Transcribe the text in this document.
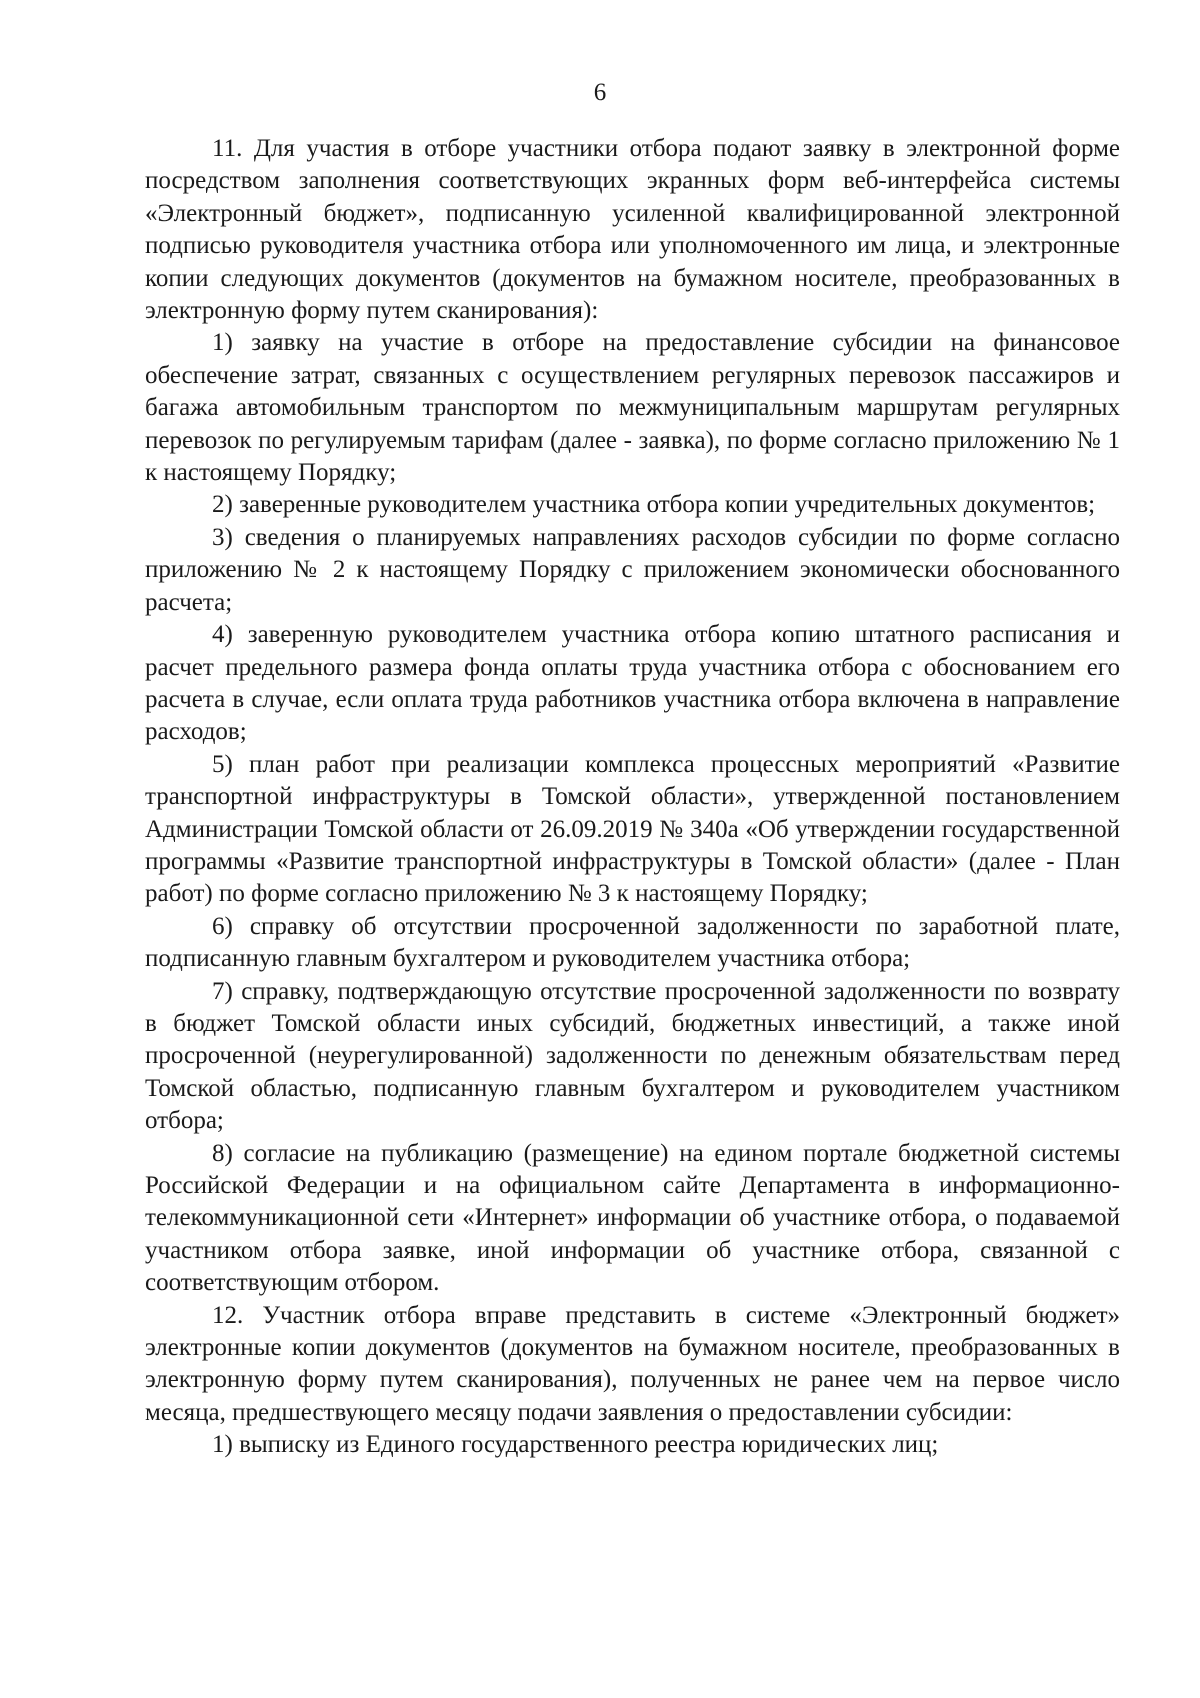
6

11. Для участия в отборе участники отбора подают заявку в электронной форме посредством заполнения соответствующих экранных форм веб-интерфейса системы «Электронный бюджет», подписанную усиленной квалифицированной электронной подписью руководителя участника отбора или уполномоченного им лица, и электронные копии следующих документов (документов на бумажном носителе, преобразованных в электронную форму путем сканирования):

1) заявку на участие в отборе на предоставление субсидии на финансовое обеспечение затрат, связанных с осуществлением регулярных перевозок пассажиров и багажа автомобильным транспортом по межмуниципальным маршрутам регулярных перевозок по регулируемым тарифам (далее - заявка), по форме согласно приложению № 1 к настоящему Порядку;

2) заверенные руководителем участника отбора копии учредительных документов;

3) сведения о планируемых направлениях расходов субсидии по форме согласно приложению № 2 к настоящему Порядку с приложением экономически обоснованного расчета;

4) заверенную руководителем участника отбора копию штатного расписания и расчет предельного размера фонда оплаты труда участника отбора с обоснованием его расчета в случае, если оплата труда работников участника отбора включена в направление расходов;

5) план работ при реализации комплекса процессных мероприятий «Развитие транспортной инфраструктуры в Томской области», утвержденной постановлением Администрации Томской области от 26.09.2019 № 340а «Об утверждении государственной программы «Развитие транспортной инфраструктуры в Томской области» (далее - План работ) по форме согласно приложению № 3 к настоящему Порядку;

6) справку об отсутствии просроченной задолженности по заработной плате, подписанную главным бухгалтером и руководителем участника отбора;

7) справку, подтверждающую отсутствие просроченной задолженности по возврату в бюджет Томской области иных субсидий, бюджетных инвестиций, а также иной просроченной (неурегулированной) задолженности по денежным обязательствам перед Томской областью, подписанную главным бухгалтером и руководителем участником отбора;

8) согласие на публикацию (размещение) на едином портале бюджетной системы Российской Федерации и на официальном сайте Департамента в информационно-телекоммуникационной сети «Интернет» информации об участнике отбора, о подаваемой участником отбора заявке, иной информации об участнике отбора, связанной с соответствующим отбором.

12. Участник отбора вправе представить в системе «Электронный бюджет» электронные копии документов (документов на бумажном носителе, преобразованных в электронную форму путем сканирования), полученных не ранее чем на первое число месяца, предшествующего месяцу подачи заявления о предоставлении субсидии:

1) выписку из Единого государственного реестра юридических лиц;
